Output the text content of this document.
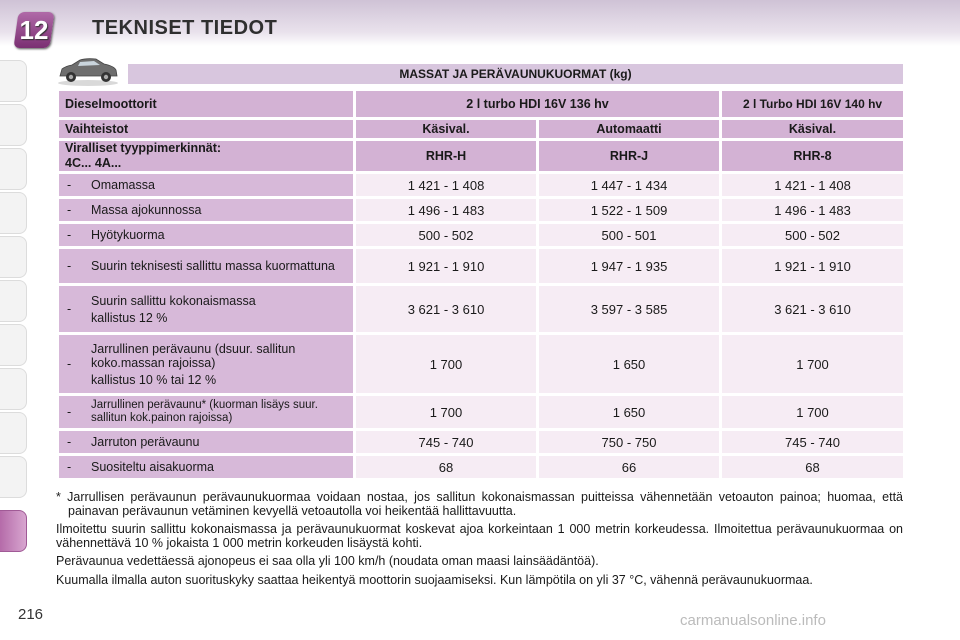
12 TEKNISET TIEDOT
MASSAT JA PERÄVAUNUKUORMAT (kg)
Dieselmoottorit	2 l turbo HDI 16V 136 hv		2 l Turbo HDI 16V 140 hv
Vaihteistot	Käsival.	Automaatti	Käsival.
Viralliset tyyppimerkinnät:
4C... 4A...	RHR-H	RHR-J	RHR-8

- Omamassa	1 421 - 1 408	1 447 - 1 434	1 421 - 1 408

- Massa ajokunnossa	1 496 - 1 483	1 522 - 1 509	1 496 - 1 483

- Hyötykuorma	500 - 502	500 - 501	500 - 502

- Suurin teknisesti sallittu massa kuormattuna	1 921 - 1 910	1 947 - 1 935	1 921 - 1 910

-
Suurin sallittu kokonaismassa
kallistus 12 %	3 621 - 3 610	3 597 - 3 585	3 621 - 3 610

-
Jarrullinen perävaunu (dsuur. sallitun koko.massan rajoissa)
kallistus 10 % tai 12 %	1 700	1 650	1 700

- Jarrullinen perävaunu* (kuorman lisäys suur. sallitun kok.painon rajoissa)	1 700	1 650	1 700

- Jarruton perävaunu	745 - 740	750 - 750	745 - 740

- Suositeltu aisakuorma	68	66	68

* Jarrullisen perävaunun perävaunukuormaa voidaan nostaa, jos sallitun kokonaismassan puitteissa vähennetään vetoauton painoa; huomaa, että painavan perävaunun vetäminen kevyellä vetoautolla voi heikentää hallittavuutta.

Ilmoitettu suurin sallittu kokonaismassa ja perävaunukuormat koskevat ajoa korkeintaan 1 000 metrin korkeudessa. Ilmoitettua perävaunukuormaa on vähennettävä 10 % jokaista 1 000 metrin korkeuden lisäystä kohti.

Perävaunua vedettäessä ajonopeus ei saa olla yli 100 km/h (noudata oman maasi lainsäädäntöä).

Kuumalla ilmalla auton suorituskyky saattaa heikentyä moottorin suojaamiseksi. Kun lämpötila on yli 37 °C, vähennä perävaunukuormaa.

216	carmanualsonline.info
